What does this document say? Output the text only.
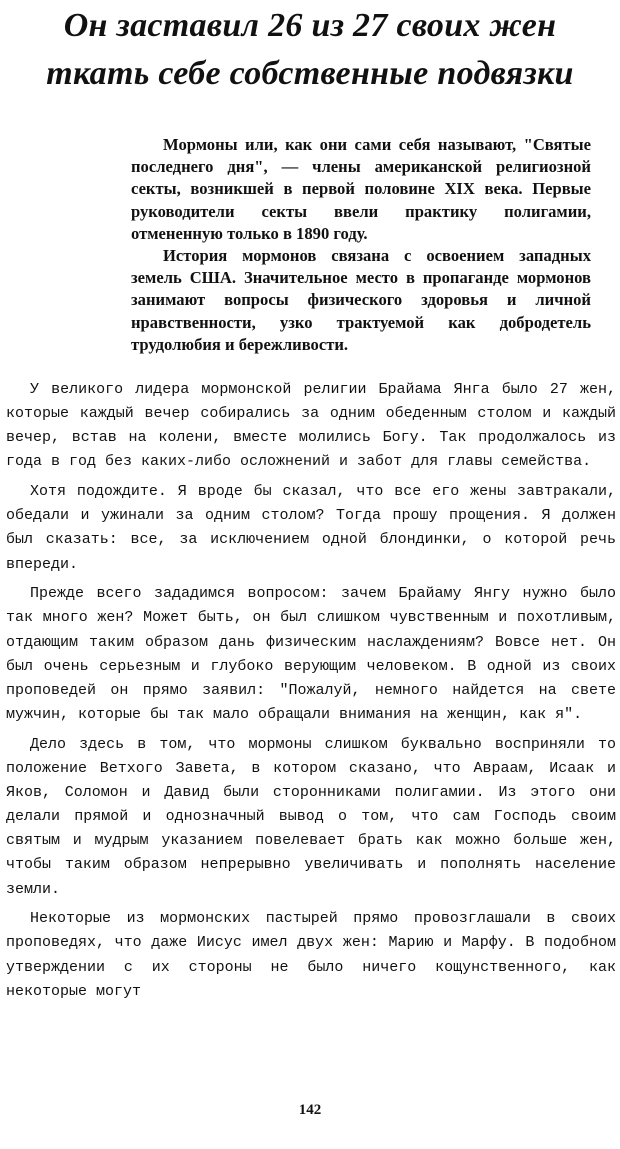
Он заставил 26 из 27 своих жен
ткать себе собственные подвязки

Мормоны или, как они сами себя называют, "Святые последнего дня", — члены американской религиозной секты, возникшей в первой половине XIX века. Первые руководители секты ввели практику полигамии, отмененную только в 1890 году.

История мормонов связана с освоением западных земель США. Значительное место в пропаганде мормонов занимают вопросы физического здоровья и личной нравственности, узко трактуемой как добродетель трудолюбия и бережливости.

У великого лидера мормонской религии Брайама Янга было 27 жен, которые каждый вечер собирались за одним обеденным столом и каждый вечер, встав на колени, вместе молились Богу. Так продолжалось из года в год без каких-либо осложнений и забот для главы семейства.

Хотя подождите. Я вроде бы сказал, что все его жены завтракали, обедали и ужинали за одним столом? Тогда прошу прощения. Я должен был сказать: все, за исключением одной блондинки, о которой речь впереди.

Прежде всего зададимся вопросом: зачем Брайаму Янгу нужно было так много жен? Может быть, он был слишком чувственным и похотливым, отдающим таким образом дань физическим наслаждениям? Вовсе нет. Он был очень серьезным и глубоко верующим человеком. В одной из своих проповедей он прямо заявил: "Пожалуй, немного найдется на свете мужчин, которые бы так мало обращали внимания на женщин, как я".

Дело здесь в том, что мормоны слишком буквально восприняли то положение Ветхого Завета, в котором сказано, что Авраам, Исаак и Яков, Соломон и Давид были сторонниками полигамии. Из этого они делали прямой и однозначный вывод о том, что сам Господь своим святым и мудрым указанием повелевает брать как можно больше жен, чтобы таким образом непрерывно увеличивать и пополнять население земли.

Некоторые из мормонских пастырей прямо провозглашали в своих проповедях, что даже Иисус имел двух жен: Марию и Марфу. В подобном утверждении с их стороны не было ничего кощунственного, как некоторые могут

142
